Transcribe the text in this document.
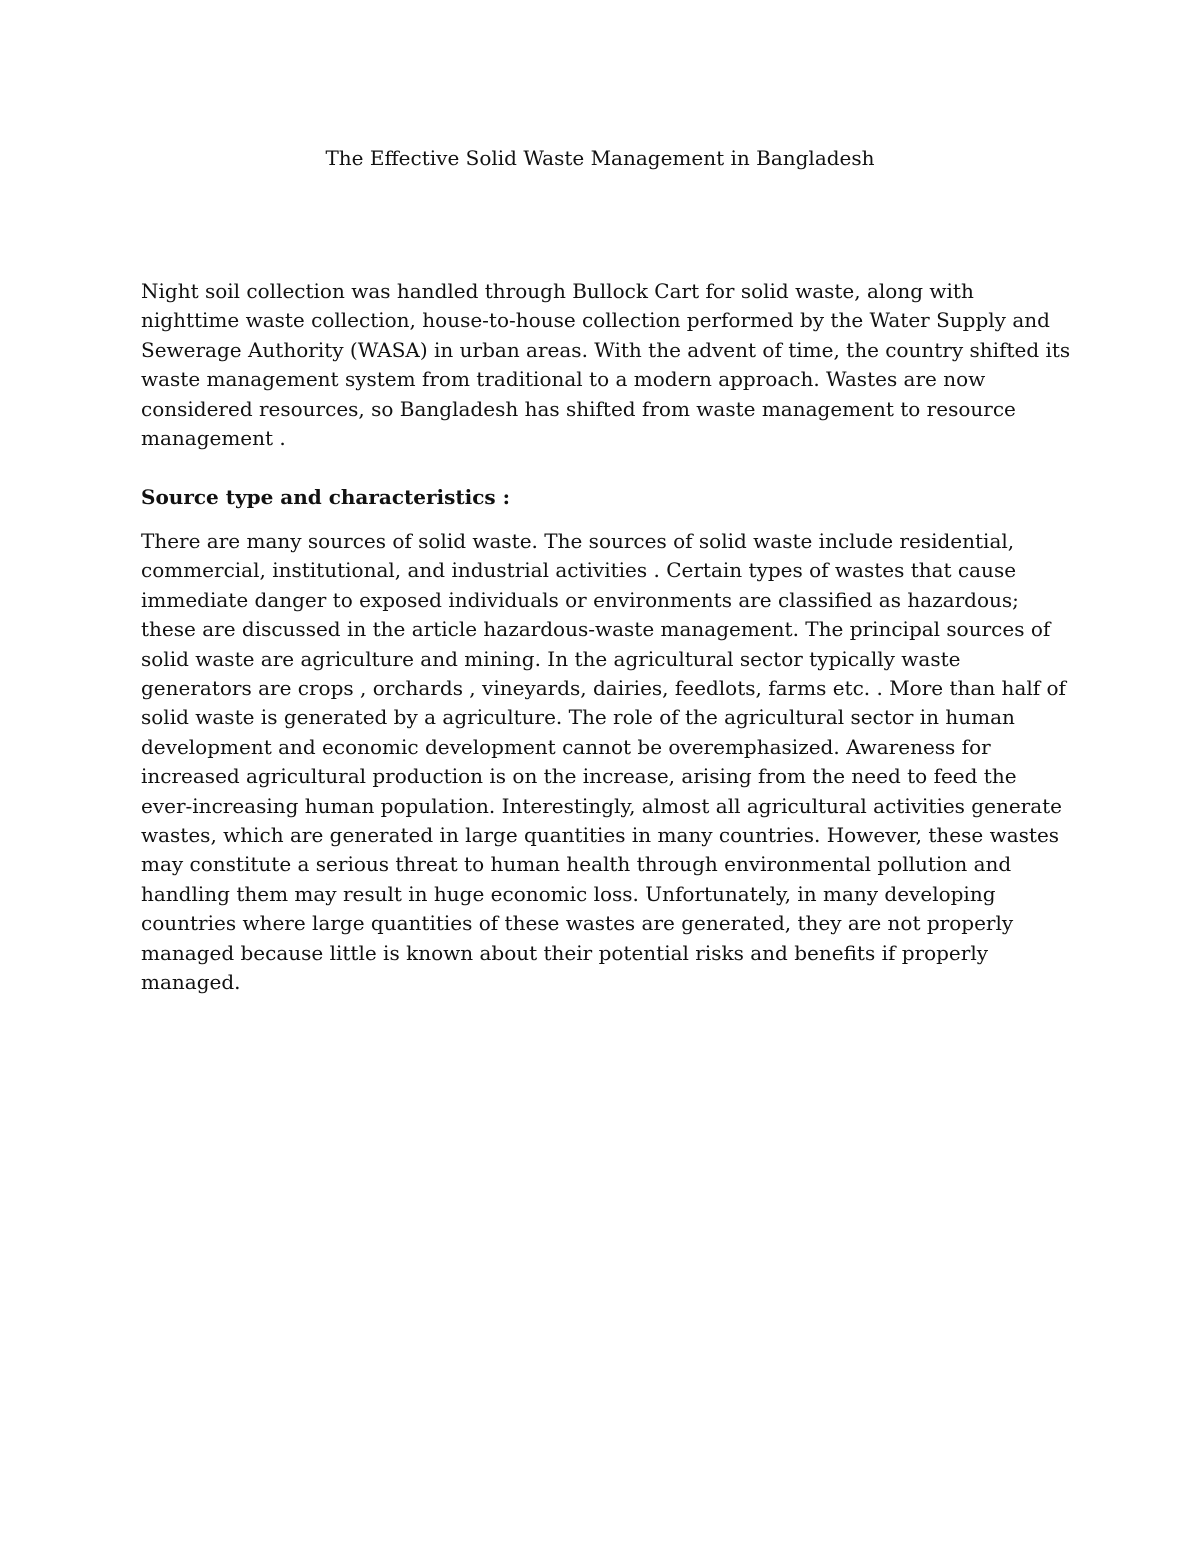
The Effective Solid Waste Management in Bangladesh

Night soil collection was handled through Bullock Cart for solid waste, along with nighttime waste collection, house-to-house collection performed by the Water Supply and Sewerage Authority (WASA) in urban areas. With the advent of time, the country shifted its waste management system from traditional to a modern approach. Wastes are now considered resources, so Bangladesh has shifted from waste management to resource management .

Source type and characteristics :

There are many sources of solid waste. The sources of solid waste include residential, commercial, institutional, and industrial activities . Certain types of wastes that cause immediate danger to exposed individuals or environments are classified as hazardous; these are discussed in the article hazardous-waste management. The principal sources of solid waste are agriculture and mining. In the agricultural sector typically waste generators are crops , orchards , vineyards, dairies, feedlots, farms etc. . More than half of solid waste is generated by a agriculture. The role of the agricultural sector in human development and economic development cannot be overemphasized. Awareness for increased agricultural production is on the increase, arising from the need to feed the ever-increasing human population. Interestingly, almost all agricultural activities generate wastes, which are generated in large quantities in many countries. However, these wastes may constitute a serious threat to human health through environmental pollution and handling them may result in huge economic loss. Unfortunately, in many developing countries where large quantities of these wastes are generated, they are not properly managed because little is known about their potential risks and benefits if properly managed.
